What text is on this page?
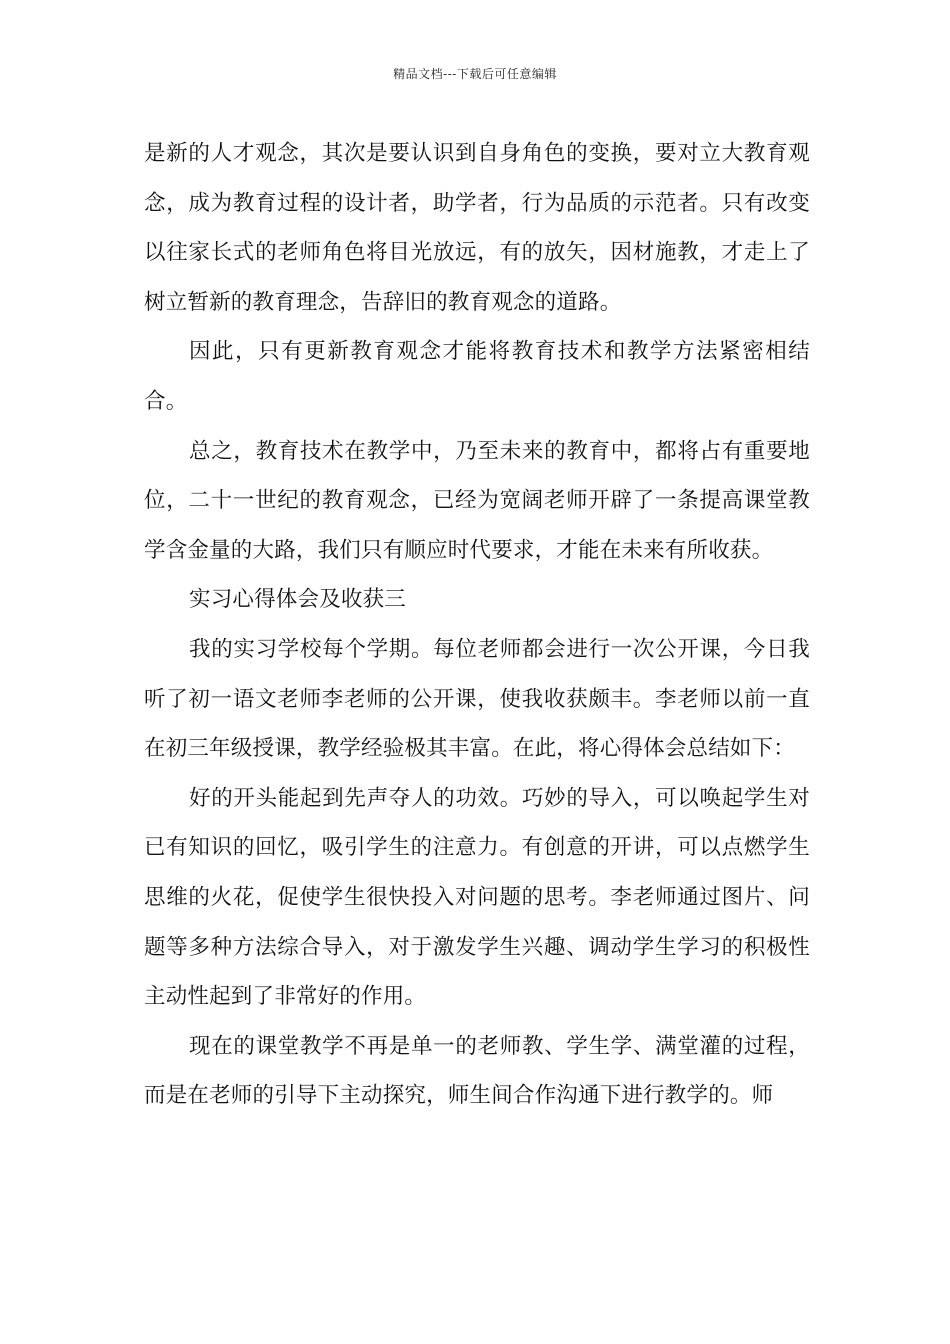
精品文档---下载后可任意编辑

是新的人才观念，其次是要认识到自身角色的变换，要对立大教育观念，成为教育过程的设计者，助学者，行为品质的示范者。只有改变以往家长式的老师角色将目光放远，有的放矢，因材施教，才走上了树立暂新的教育理念，告辞旧的教育观念的道路。

因此，只有更新教育观念才能将教育技术和教学方法紧密相结合。

总之，教育技术在教学中，乃至未来的教育中，都将占有重要地位，二十一世纪的教育观念，已经为宽阔老师开辟了一条提高课堂教学含金量的大路，我们只有顺应时代要求，才能在未来有所收获。

实习心得体会及收获三

我的实习学校每个学期。每位老师都会进行一次公开课，今日我听了初一语文老师李老师的公开课，使我收获颇丰。李老师以前一直在初三年级授课，教学经验极其丰富。在此，将心得体会总结如下：

好的开头能起到先声夺人的功效。巧妙的导入，可以唤起学生对已有知识的回忆，吸引学生的注意力。有创意的开讲，可以点燃学生思维的火花，促使学生很快投入对问题的思考。李老师通过图片、问题等多种方法综合导入，对于激发学生兴趣、调动学生学习的积极性主动性起到了非常好的作用。

现在的课堂教学不再是单一的老师教、学生学、满堂灌的过程，而是在老师的引导下主动探究，师生间合作沟通下进行教学的。师
